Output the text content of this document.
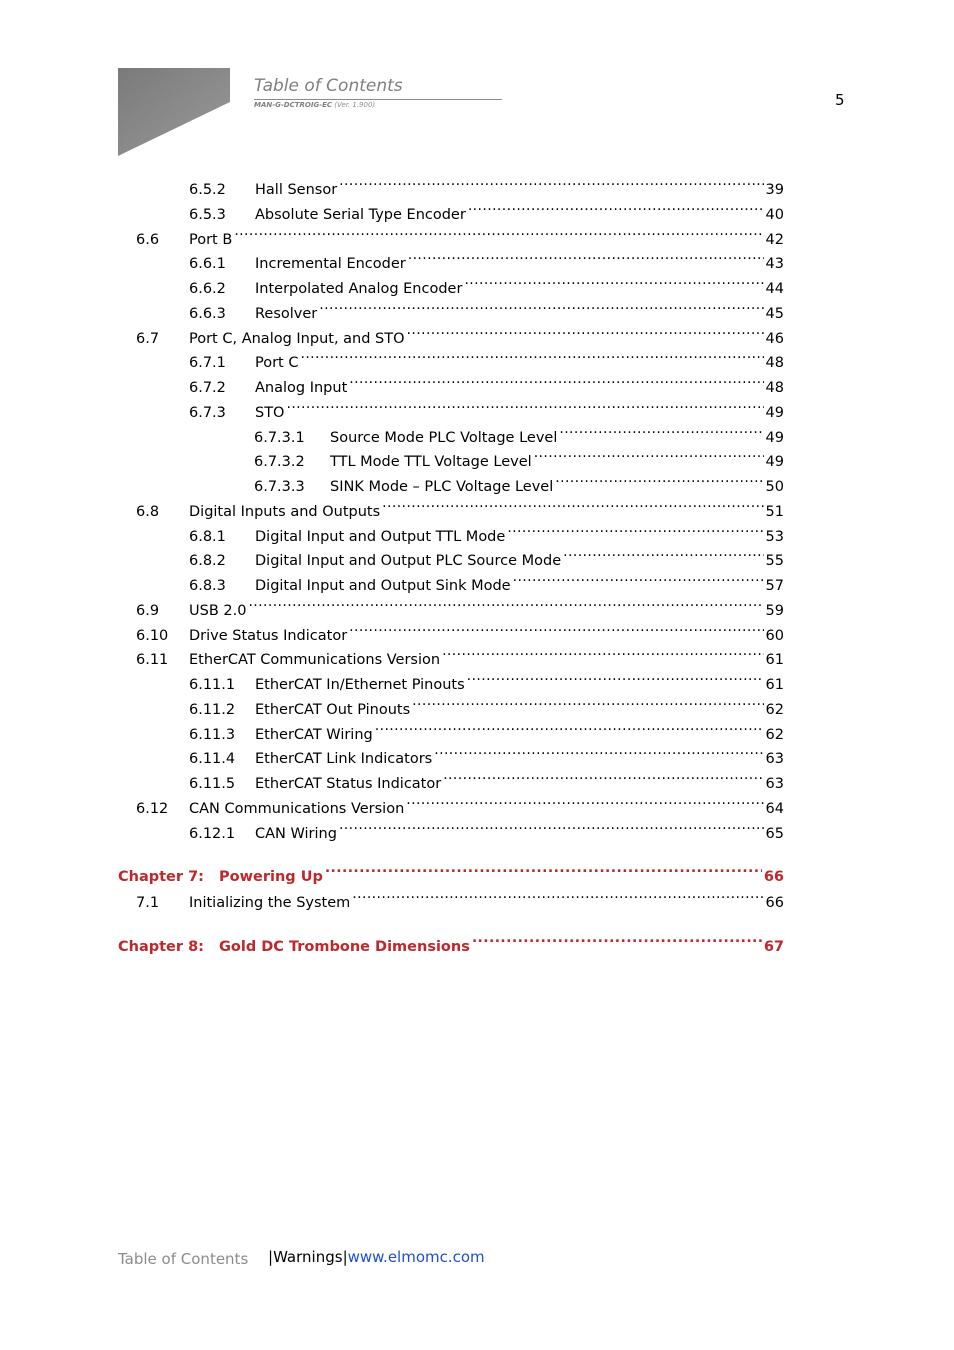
Table of Contents
MAN-G-DCTROIG-EC (Ver. 1.900)	5
6.5.2	Hall Sensor .....	39
6.5.3	Absolute Serial Type Encoder .....	40
6.6	Port B .....	42
6.6.1	Incremental Encoder .....	43
6.6.2	Interpolated Analog Encoder .....	44
6.6.3	Resolver .....	45
6.7	Port C, Analog Input, and STO .....	46
6.7.1	Port C .....	48
6.7.2	Analog Input .....	48
6.7.3	STO .....	49
6.7.3.1	Source Mode PLC Voltage Level .....	49
6.7.3.2	TTL Mode TTL Voltage Level .....	49
6.7.3.3	SINK Mode – PLC Voltage Level .....	50
6.8	Digital Inputs and Outputs .....	51
6.8.1	Digital Input and Output TTL Mode .....	53
6.8.2	Digital Input and Output PLC Source Mode .....	55
6.8.3	Digital Input and Output Sink Mode .....	57
6.9	USB 2.0 .....	59
6.10	Drive Status Indicator .....	60
6.11	EtherCAT Communications Version .....	61
6.11.1	EtherCAT In/Ethernet Pinouts .....	61
6.11.2	EtherCAT Out Pinouts .....	62
6.11.3	EtherCAT Wiring .....	62
6.11.4	EtherCAT Link Indicators .....	63
6.11.5	EtherCAT Status Indicator .....	63
6.12	CAN Communications Version .....	64
6.12.1	CAN Wiring .....	65
Chapter 7:	Powering Up .....	66
7.1	Initializing the System .....	66
Chapter 8:	Gold DC Trombone Dimensions .....	67
Table of Contents |Warnings|www.elmomc.com
